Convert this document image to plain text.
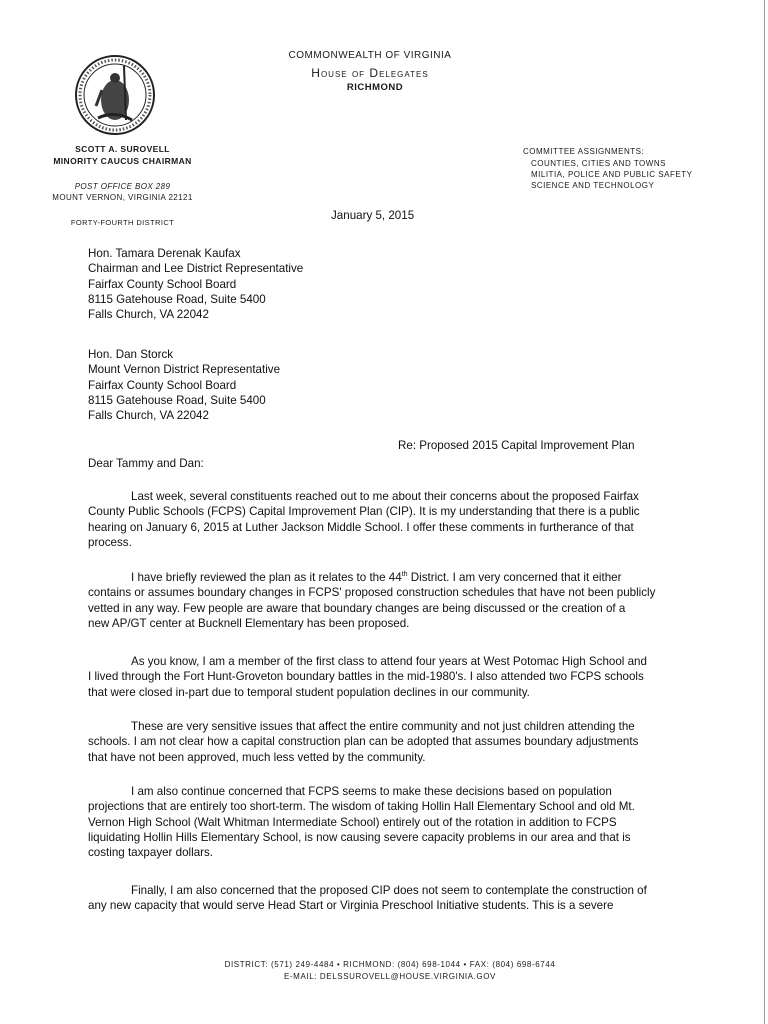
COMMONWEALTH OF VIRGINIA
House of Delegates
RICHMOND
SCOTT A. SUROVELL
MINORITY CAUCUS CHAIRMAN
POST OFFICE BOX 289
MOUNT VERNON, VIRGINIA 22121
FORTY-FOURTH DISTRICT
COMMITTEE ASSIGNMENTS:
COUNTIES, CITIES AND TOWNS
MILITIA, POLICE AND PUBLIC SAFETY
SCIENCE AND TECHNOLOGY
January 5, 2015
Hon. Tamara Derenak Kaufax
Chairman and Lee District Representative
Fairfax County School Board
8115 Gatehouse Road, Suite 5400
Falls Church, VA 22042
Hon. Dan Storck
Mount Vernon District Representative
Fairfax County School Board
8115 Gatehouse Road, Suite 5400
Falls Church, VA 22042
Re: Proposed 2015 Capital Improvement Plan
Dear Tammy and Dan:
Last week, several constituents reached out to me about their concerns about the proposed Fairfax
County Public Schools (FCPS) Capital Improvement Plan (CIP). It is my understanding that there is a public
hearing on January 6, 2015 at Luther Jackson Middle School. I offer these comments in furtherance of that
process.
I have briefly reviewed the plan as it relates to the 44th District. I am very concerned that it either
contains or assumes boundary changes in FCPS' proposed construction schedules that have not been publicly
vetted in any way. Few people are aware that boundary changes are being discussed or the creation of a
new AP/GT center at Bucknell Elementary has been proposed.
As you know, I am a member of the first class to attend four years at West Potomac High School and
I lived through the Fort Hunt-Groveton boundary battles in the mid-1980's. I also attended two FCPS schools
that were closed in-part due to temporal student population declines in our community.
These are very sensitive issues that affect the entire community and not just children attending the
schools. I am not clear how a capital construction plan can be adopted that assumes boundary adjustments
that have not been approved, much less vetted by the community.
I am also continue concerned that FCPS seems to make these decisions based on population
projections that are entirely too short-term. The wisdom of taking Hollin Hall Elementary School and old Mt.
Vernon High School (Walt Whitman Intermediate School) entirely out of the rotation in addition to FCPS
liquidating Hollin Hills Elementary School, is now causing severe capacity problems in our area and that is
costing taxpayer dollars.
Finally, I am also concerned that the proposed CIP does not seem to contemplate the construction of
any new capacity that would serve Head Start or Virginia Preschool Initiative students. This is a severe
DISTRICT: (571) 249-4484 • RICHMOND: (804) 698-1044 • FAX: (804) 698-6744
E-MAIL: DELSSUROVELL@HOUSE.VIRGINIA.GOV
